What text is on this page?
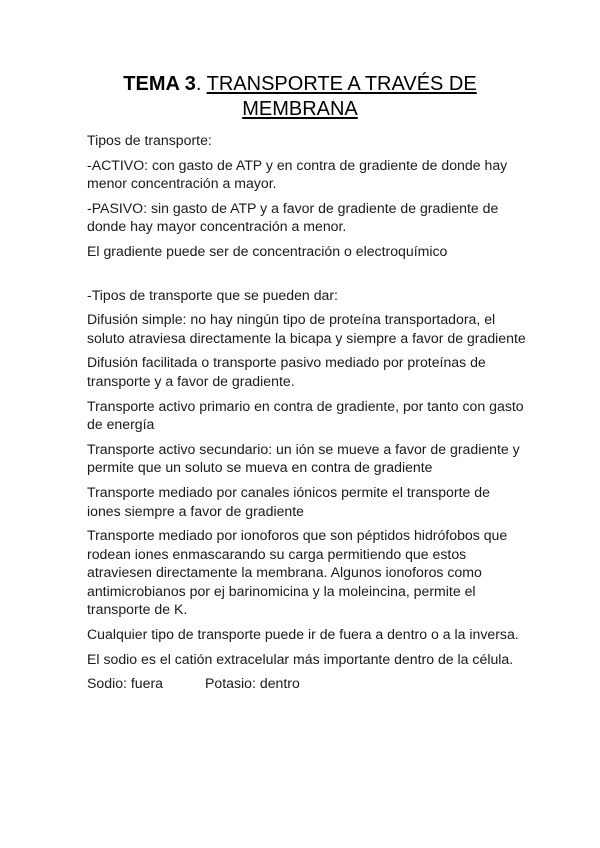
TEMA 3. TRANSPORTE A TRAVÉS DE
MEMBRANA

Tipos de transporte:

-ACTIVO: con gasto de ATP y en contra de gradiente de donde hay menor concentración a mayor.

-PASIVO: sin gasto de ATP y a favor de gradiente de gradiente de donde hay mayor concentración a menor.

El gradiente puede ser de concentración o electroquímico

-Tipos de transporte que se pueden dar:

Difusión simple: no hay ningún tipo de proteína transportadora, el soluto atraviesa directamente la bicapa y siempre a favor de gradiente

Difusión facilitada o transporte pasivo mediado por proteínas de transporte y a favor de gradiente.

Transporte activo primario en contra de gradiente, por tanto con gasto de energía

Transporte activo secundario: un ión se mueve a favor de gradiente y permite que un soluto se mueva en contra de gradiente

Transporte mediado por canales iónicos permite el transporte de iones siempre a favor de gradiente

Transporte mediado por ionoforos que son péptidos hidrófobos que rodean iones enmascarando su carga permitiendo que estos atraviesen directamente la membrana. Algunos ionoforos como antimicrobianos por ej barinomicina y la moleincina, permite el transporte de K.

Cualquier tipo de transporte puede ir de fuera a dentro o a la inversa.

El sodio es el catión extracelular más importante dentro de la célula.

Sodio: fuera	Potasio: dentro
